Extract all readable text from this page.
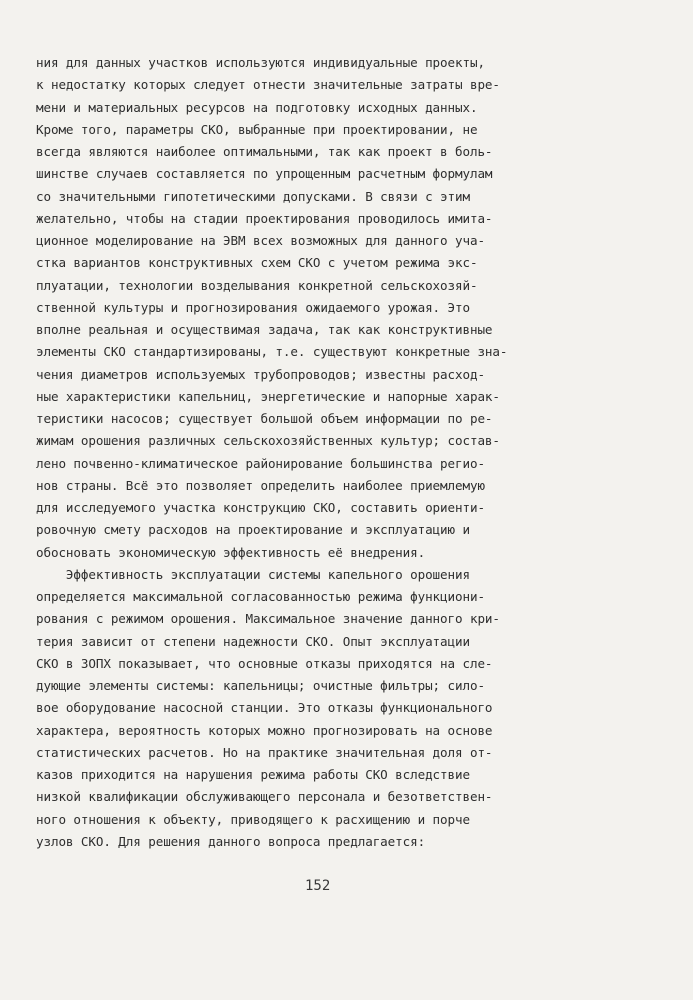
ния для данных участков используются индивидуальные проекты,
к недостатку которых следует отнести значительные затраты вре-
мени и материальных ресурсов на подготовку исходных данных.
Кроме того, параметры СКО, выбранные при проектировании, не
всегда являются наиболее оптимальными, так как проект в боль-
шинстве случаев составляется по упрощенным расчетным формулам
со значительными гипотетическими допусками. В связи с этим
желательно, чтобы на стадии проектирования проводилось имита-
ционное моделирование на ЭВМ всех возможных для данного уча-
стка вариантов конструктивных схем СКО с учетом режима экс-
плуатации, технологии возделывания конкретной сельскохозяй-
ственной культуры и прогнозирования ожидаемого урожая. Это
вполне реальная и осуществимая задача, так как конструктивные
элементы СКО стандартизированы, т.е. существуют конкретные зна-
чения диаметров используемых трубопроводов; известны расход-
ные характеристики капельниц, энергетические и напорные харак-
теристики насосов; существует большой объем информации по ре-
жимам орошения различных сельскохозяйственных культур; состав-
лено почвенно-климатическое районирование большинства регио-
нов страны. Всё это позволяет определить наиболее приемлемую
для исследуемого участка конструкцию СКО, составить ориенти-
ровочную смету расходов на проектирование и эксплуатацию и
обосновать экономическую эффективность её внедрения.
Эффективность эксплуатации системы капельного орошения
определяется максимальной согласованностью режима функциони-
рования с режимом орошения. Максимальное значение данного кри-
терия зависит от степени надежности СКО. Опыт эксплуатации
СКО в ЗОПХ показывает, что основные отказы приходятся на сле-
дующие элементы системы: капельницы; очистные фильтры; сило-
вое оборудование насосной станции. Это отказы функционального
характера, вероятность которых можно прогнозировать на основе
статистических расчетов. Но на практике значительная доля от-
казов приходится на нарушения режима работы СКО вследствие
низкой квалификации обслуживающего персонала и безответствен-
ного отношения к объекту, приводящего к расхищению и порче
узлов СКО. Для решения данного вопроса предлагается:
152
